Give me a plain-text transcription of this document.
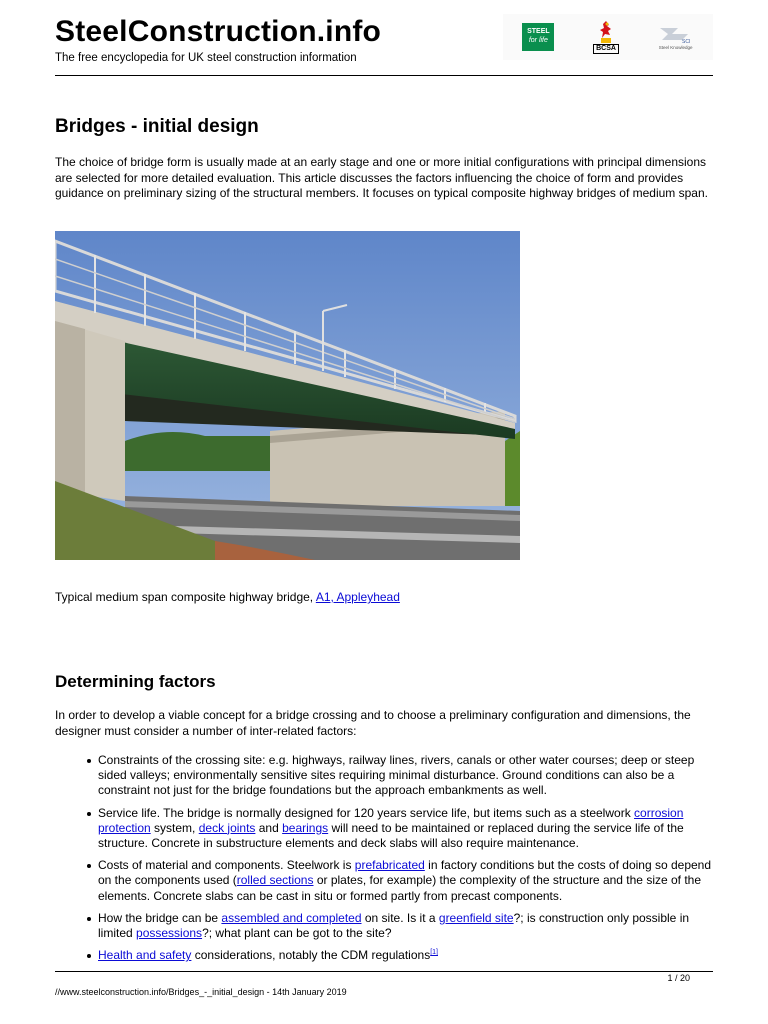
SteelConstruction.info
The free encyclopedia for UK steel construction information
STEEL
for life
BCSA
SCI
Steel Knowledge
Bridges - initial design

The choice of bridge form is usually made at an early stage and one or more initial configurations with principal dimensions are selected for more detailed evaluation. This article discusses the factors influencing the choice of form and provides guidance on preliminary sizing of the structural members. It focuses on typical composite highway bridges of medium span.

Typical medium span composite highway bridge, A1, Appleyhead
Determining factors

In order to develop a viable concept for a bridge crossing and to choose a preliminary configuration and dimensions, the designer must consider a number of inter-related factors:

Constraints of the crossing site: e.g. highways, railway lines, rivers, canals or other water courses; deep or steep sided valleys; environmentally sensitive sites requiring minimal disturbance. Ground conditions can also be a constraint not just for the bridge foundations but the approach embankments as well.
Service life. The bridge is normally designed for 120 years service life, but items such as a steelwork corrosion protection system, deck joints and bearings will need to be maintained or replaced during the service life of the structure. Concrete in substructure elements and deck slabs will also require maintenance.
Costs of material and components. Steelwork is prefabricated in factory conditions but the costs of doing so depend on the components used (rolled sections or plates, for example) the complexity of the structure and the size of the elements. Concrete slabs can be cast in situ or formed partly from precast components.
How the bridge can be assembled and completed on site. Is it a greenfield site?; is construction only possible in limited possessions?; what plant can be got to the site?
Health and safety considerations, notably the CDM regulations[1]
1 / 20
//www.steelconstruction.info/Bridges_-_initial_design - 14th January 2019
